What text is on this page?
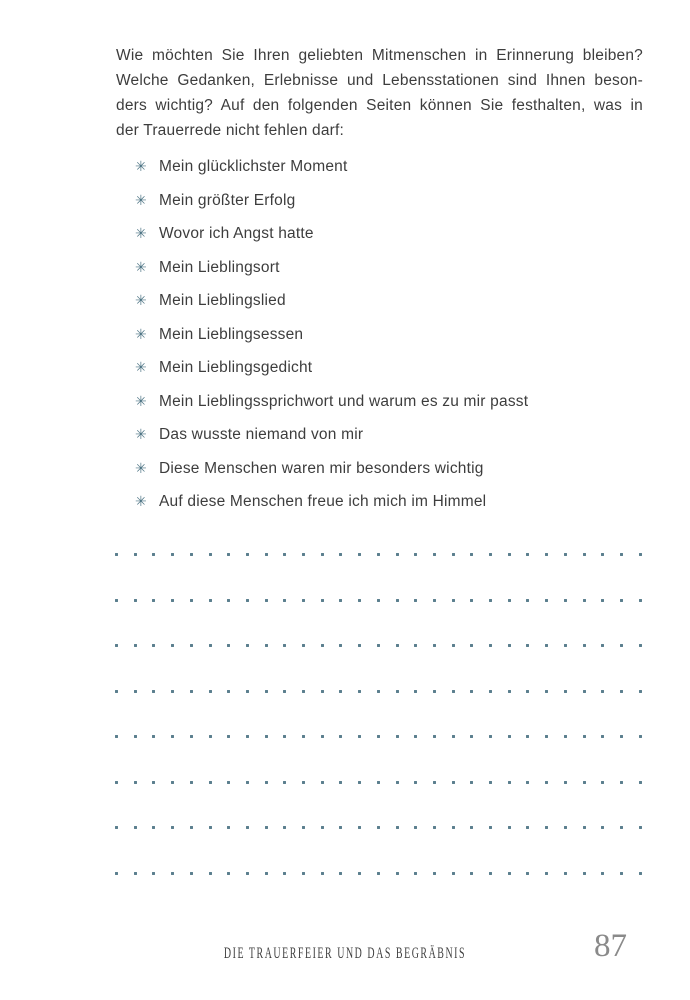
Wie möchten Sie Ihren geliebten Mitmenschen in Erinnerung bleiben?
Welche Gedanken, Erlebnisse und Lebensstationen sind Ihnen beson-
ders wichtig? Auf den folgenden Seiten können Sie festhalten, was in
der Trauerrede nicht fehlen darf:
✳ Mein glücklichster Moment
✳ Mein größter Erfolg
✳ Wovor ich Angst hatte
✳ Mein Lieblingsort
✳ Mein Lieblingslied
✳ Mein Lieblingsessen
✳ Mein Lieblingsgedicht
✳ Mein Lieblingssprichwort und warum es zu mir passt
✳ Das wusste niemand von mir
✳ Diese Menschen waren mir besonders wichtig
✳ Auf diese Menschen freue ich mich im Himmel
DIE TRAUERFEIER UND DAS BEGRÄBNIS	87
